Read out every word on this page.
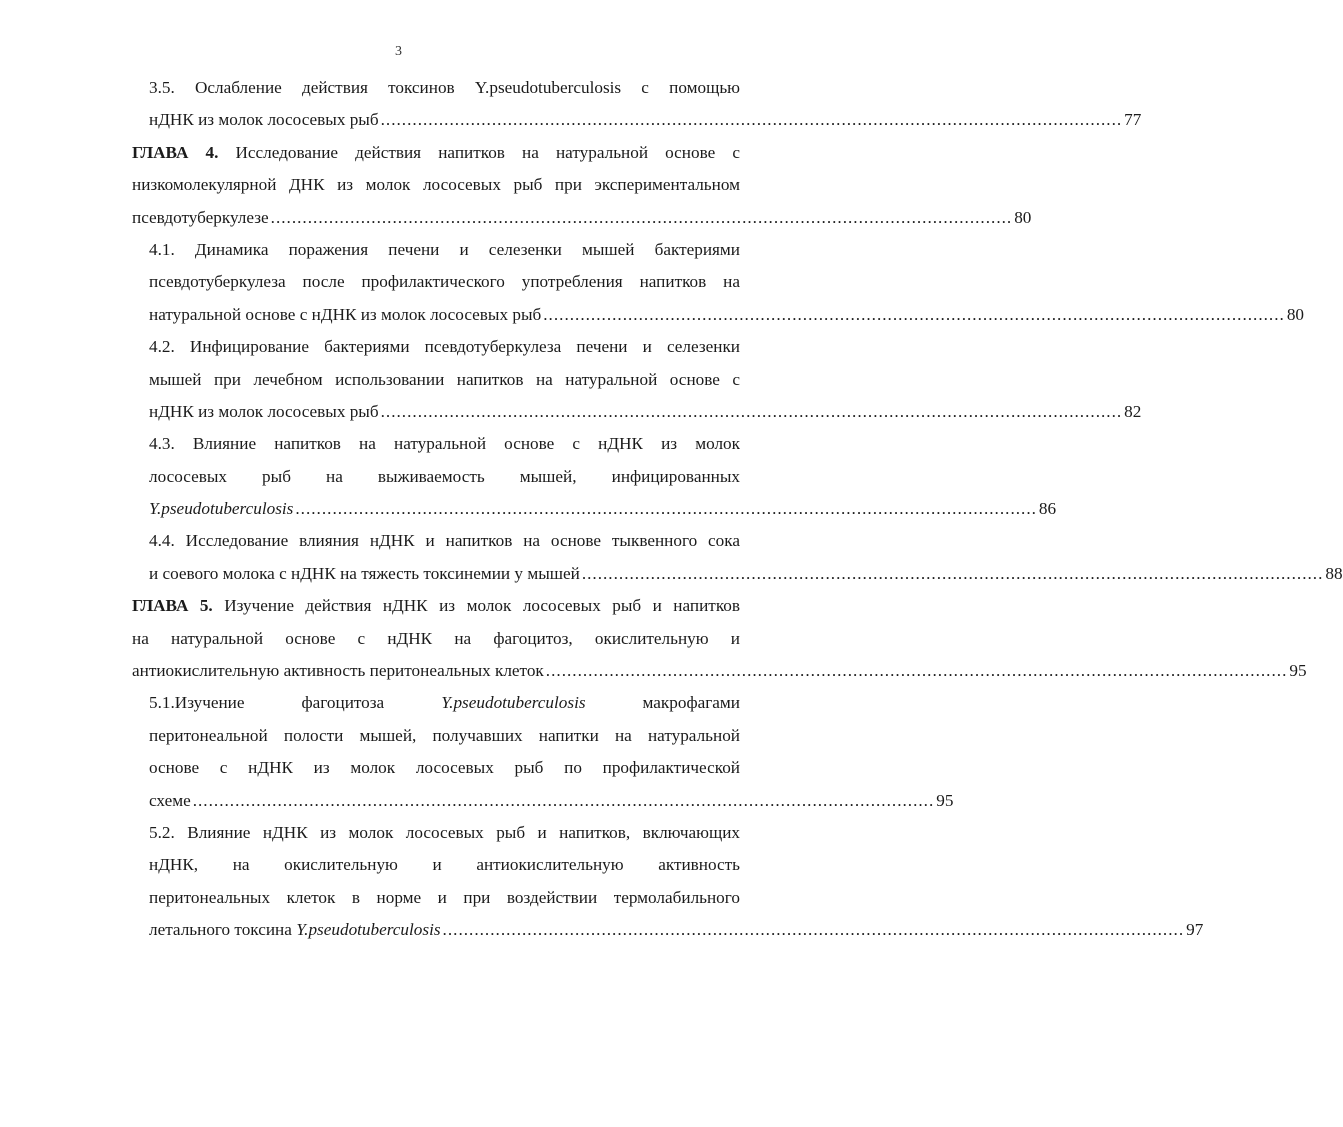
3
3.5. Ослабление действия токсинов Y.pseudotuberculosis с помощью
нДНК из молок лососевых рыб ............................................................................................................................................ 77
ГЛАВА 4. Исследование действия напитков на натуральной основе с
низкомолекулярной ДНК из молок лососевых рыб при экспериментальном
псевдотуберкулезе ............................................................................................................................................ 80
4.1. Динамика поражения печени и селезенки мышей бактериями
псевдотуберкулеза после профилактического употребления напитков на
натуральной основе с нДНК из молок лососевых рыб ............................................................................................................................................ 80
4.2. Инфицирование бактериями псевдотуберкулеза печени и селезенки
мышей при лечебном использовании напитков на натуральной основе с
нДНК из молок лососевых рыб ............................................................................................................................................ 82
4.3. Влияние напитков на натуральной основе с нДНК из молок
лососевых рыб на выживаемость мышей, инфицированных
Y.pseudotuberculosis ............................................................................................................................................ 86
4.4. Исследование влияния нДНК и напитков на основе тыквенного сока
и соевого молока с нДНК на тяжесть токсинемии у мышей ............................................................................................................................................ 88
ГЛАВА 5. Изучение действия нДНК из молок лососевых рыб и напитков
на натуральной основе с нДНК на фагоцитоз, окислительную и
антиокислительную активность перитонеальных клеток ............................................................................................................................................ 95
5.1.Изучение фагоцитоза	Y.pseudotuberculosis	макрофагами
перитонеальной полости мышей, получавших напитки на натуральной
основе с нДНК из молок лососевых рыб по профилактической
схеме ............................................................................................................................................ 95
5.2. Влияние нДНК из молок лососевых рыб и напитков, включающих
нДНК, на окислительную и антиокислительную активность
перитонеальных клеток в норме и при воздействии термолабильного
летального токсина Y.pseudotuberculosis ............................................................................................................................................ 97
